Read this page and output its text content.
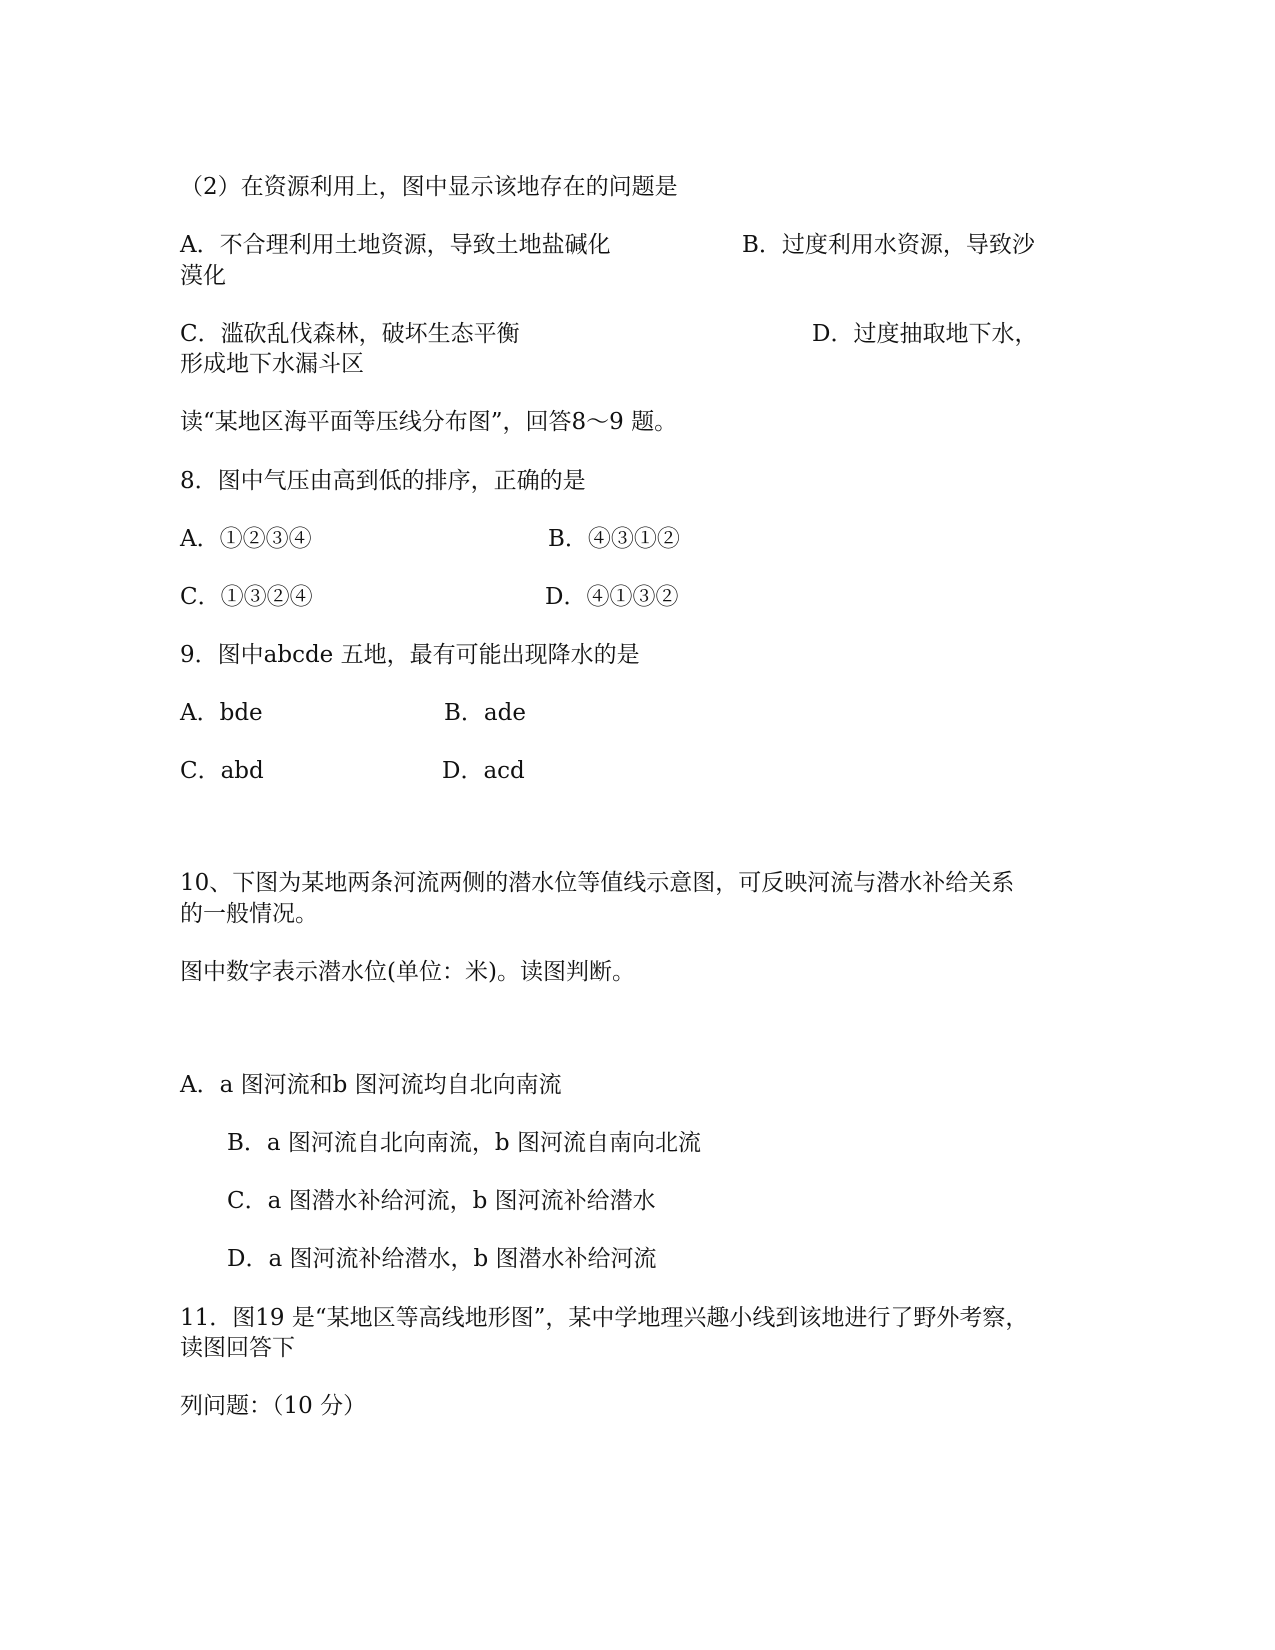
（2）在资源利用上，图中显示该地存在的问题是
A．不合理利用土地资源，导致土地盐碱化	B．过度利用水资源，导致沙
漠化
C．滥砍乱伐森林，破坏生态平衡	D．过度抽取地下水，
形成地下水漏斗区
读“某地区海平面等压线分布图”，回答8～9 题。
8．图中气压由高到低的排序，正确的是
A．①②③④	B．④③①②
C．①③②④	D．④①③②
9．图中abcde 五地，最有可能出现降水的是
A．bde	B．ade
C．abd	D．acd
10、下图为某地两条河流两侧的潜水位等值线示意图，可反映河流与潜水补给关系
的一般情况。
图中数字表示潜水位(单位：米)。读图判断。
A．a 图河流和b 图河流均自北向南流
B．a 图河流自北向南流，b 图河流自南向北流
C．a 图潜水补给河流，b 图河流补给潜水
D．a 图河流补给潜水，b 图潜水补给河流
11．图19 是“某地区等高线地形图”，某中学地理兴趣小线到该地进行了野外考察，
读图回答下
列问题：（10 分）
